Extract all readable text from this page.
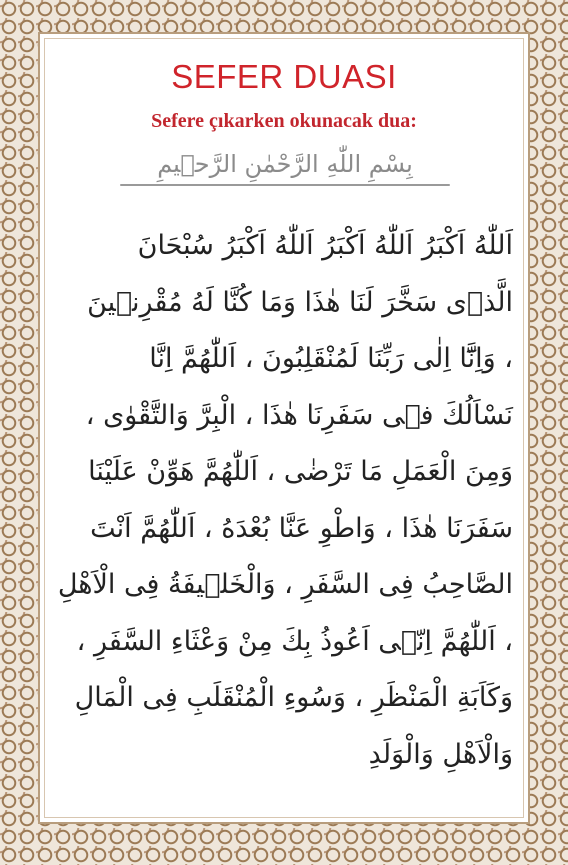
SEFER DUASI
Sefere çıkarken okunacak dua:
بِسْمِ اللّٰهِ الرَّحْمٰنِ الرَّح۪يمِ
اَللّٰهُ اَكْبَرُ اَللّٰهُ اَكْبَرُ اَللّٰهُ اَكْبَرُ سُبْحَانَ
الَّذ۪ى سَخَّرَ لَنَا هٰذَا وَمَا كُنَّا لَهُ مُقْرِن۪ينَ
، وَاِنَّٓا اِلٰى رَبِّنَا لَمُنْقَلِبُونَ ، اَللّٰهُمَّ اِنَّا
نَسْاَلُكَ ف۪ى سَفَرِنَا هٰذَا ، الْبِرَّ وَالتَّقْوٰى ،
وَمِنَ الْعَمَلِ مَا تَرْضٰى ، اَللّٰهُمَّ هَوِّنْ عَلَيْنَا
سَفَرَنَا هٰذَا ، وَاطْوِ عَنَّا بُعْدَهُ ، اَللّٰهُمَّ اَنْتَ
الصَّاحِبُ فِى السَّفَرِ ، وَالْخَل۪يفَةُ فِى الْاَهْلِ
، اَللّٰهُمَّ اِنّ۪ى اَعُوذُ بِكَ مِنْ وَعْثَاءِ السَّفَرِ ،
وَكَاَبَةِ الْمَنْظَرِ ، وَسُوءِ الْمُنْقَلَبِ فِى الْمَالِ
وَالْاَهْلِ وَالْوَلَدِ
